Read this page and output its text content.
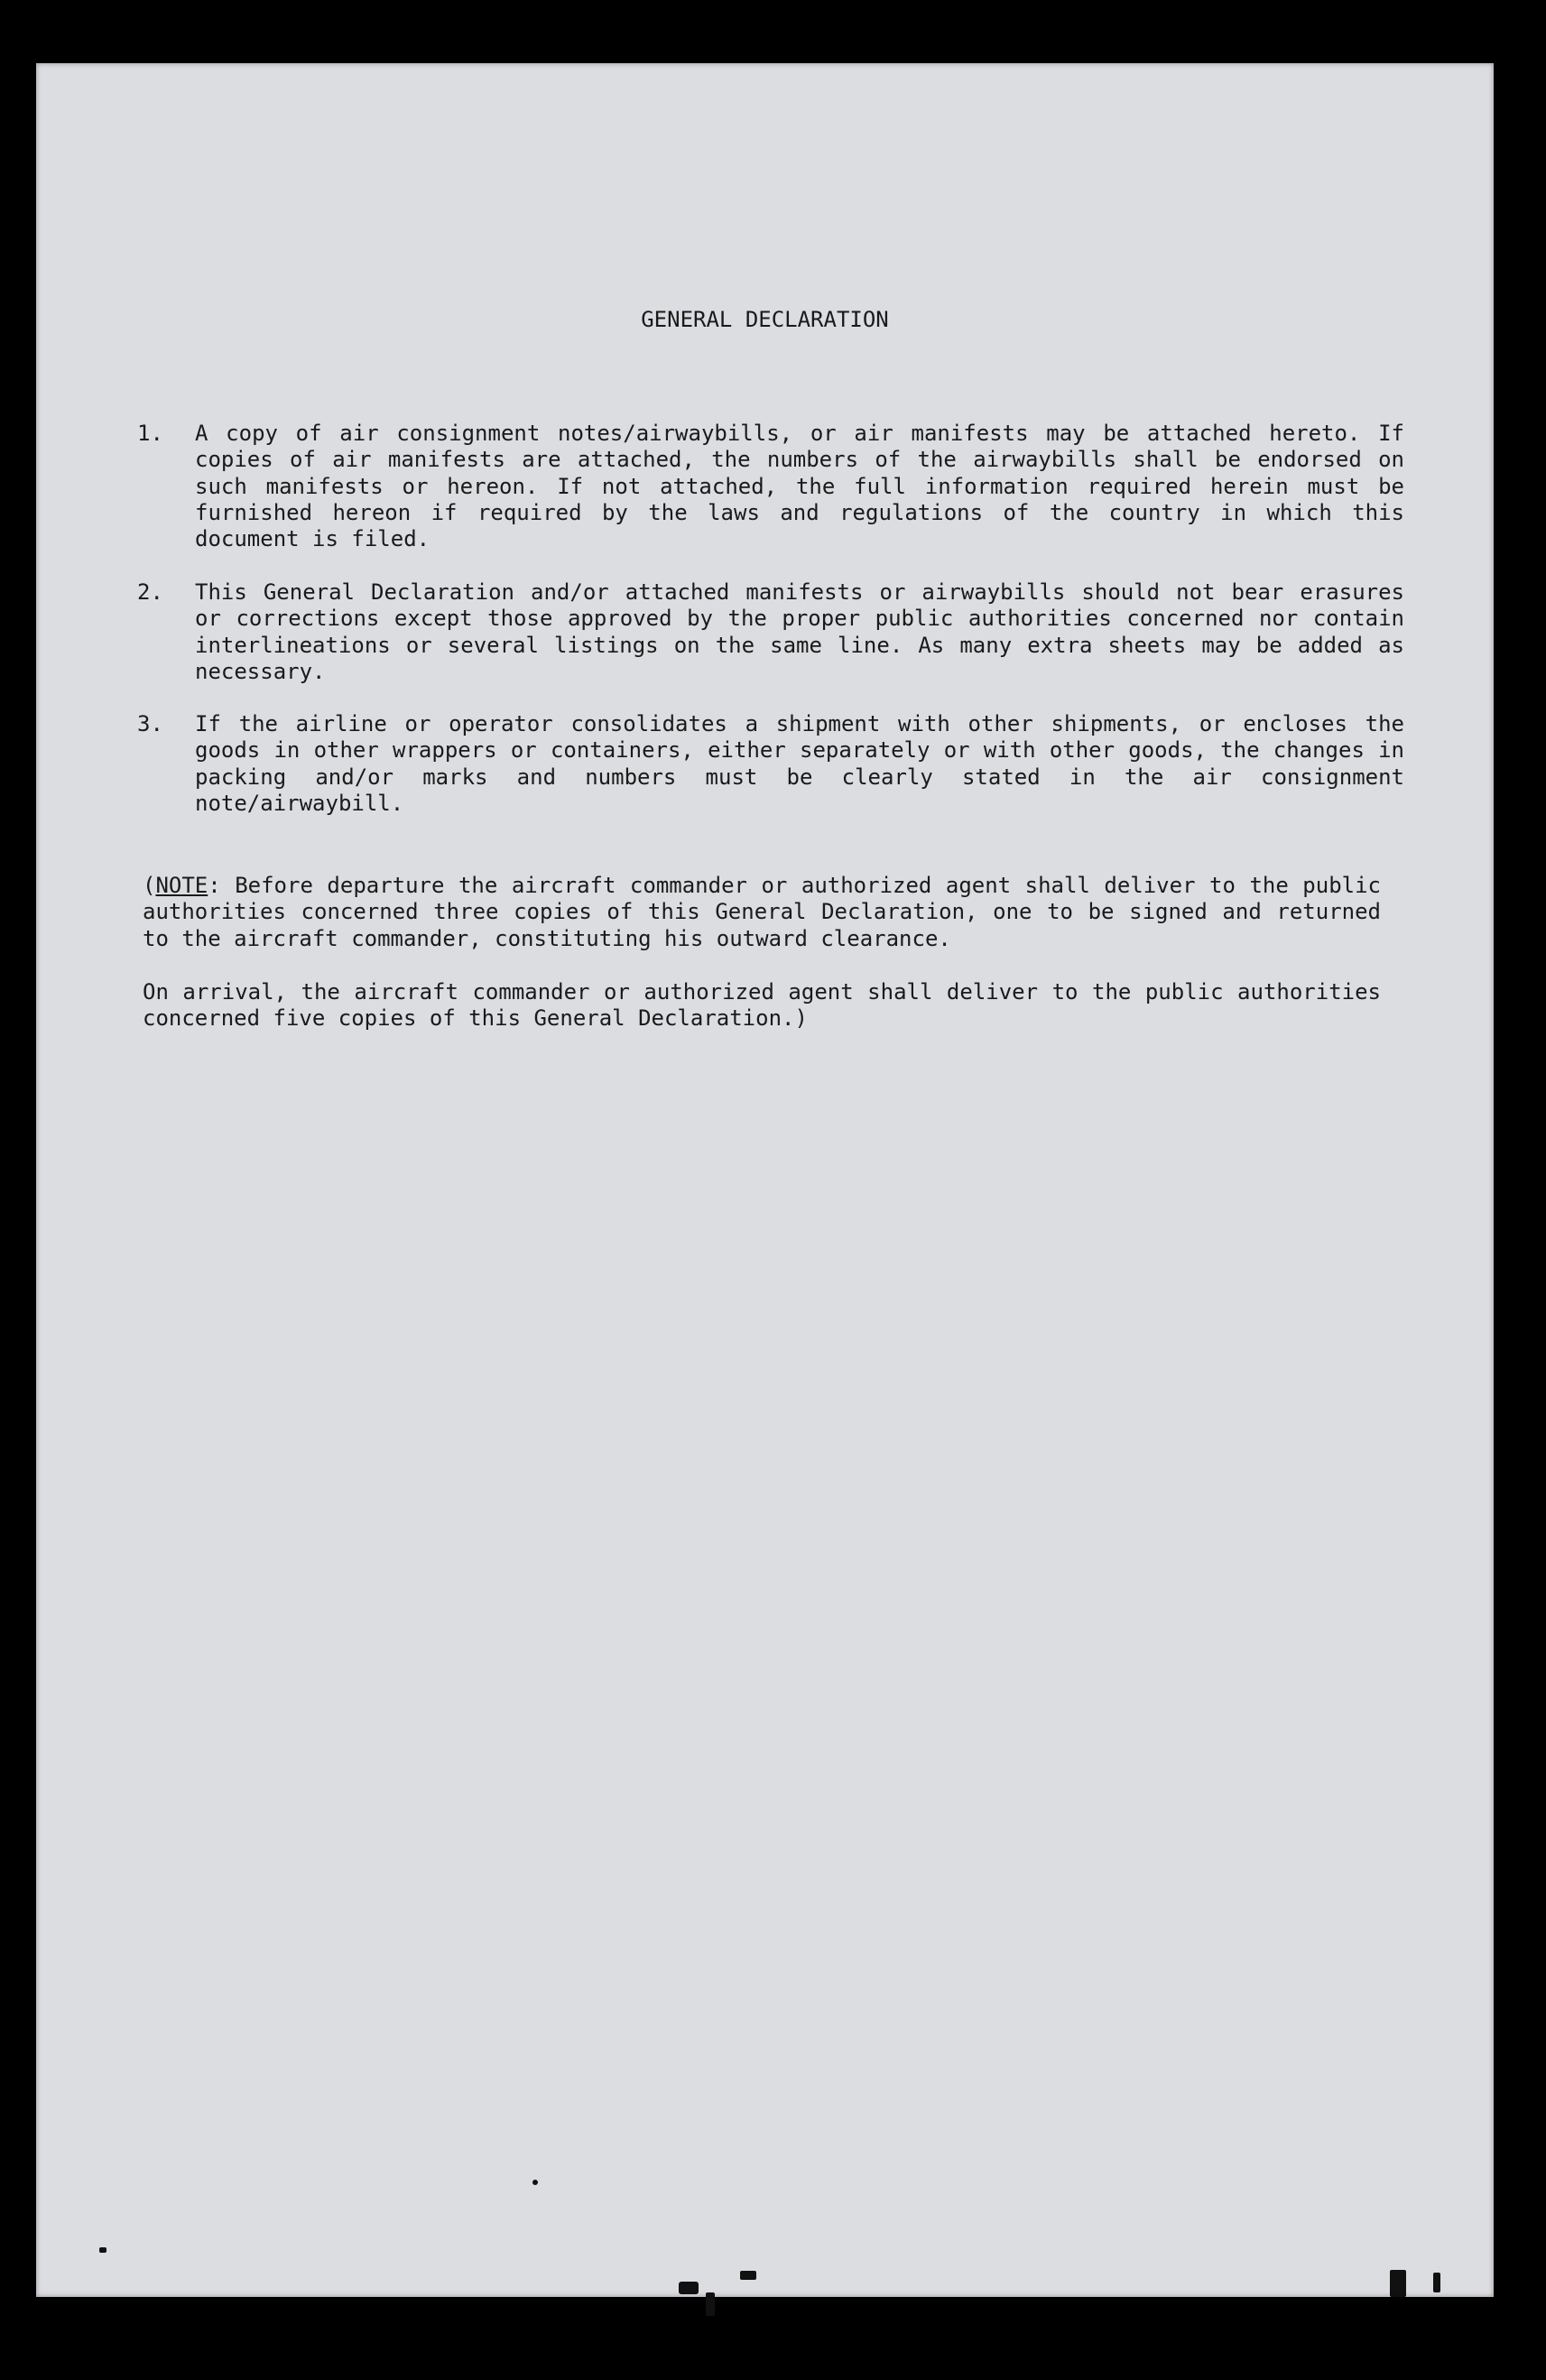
GENERAL DECLARATION
1. A copy of air consignment notes/airwaybills, or air manifests may be attached hereto. If copies of air manifests are attached, the numbers of the airwaybills shall be endorsed on such manifests or hereon. If not attached, the full information required herein must be furnished hereon if required by the laws and regulations of the country in which this document is filed.
2. This General Declaration and/or attached manifests or airwaybills should not bear erasures or corrections except those approved by the proper public authorities concerned nor contain interlineations or several listings on the same line. As many extra sheets may be added as necessary.
3. If the airline or operator consolidates a shipment with other shipments, or encloses the goods in other wrappers or containers, either separately or with other goods, the changes in packing and/or marks and numbers must be clearly stated in the air consignment note/airwaybill.
(NOTE: Before departure the aircraft commander or authorized agent shall deliver to the public authorities concerned three copies of this General Declaration, one to be signed and returned to the aircraft commander, constituting his outward clearance.
On arrival, the aircraft commander or authorized agent shall deliver to the public authorities concerned five copies of this General Declaration.)
